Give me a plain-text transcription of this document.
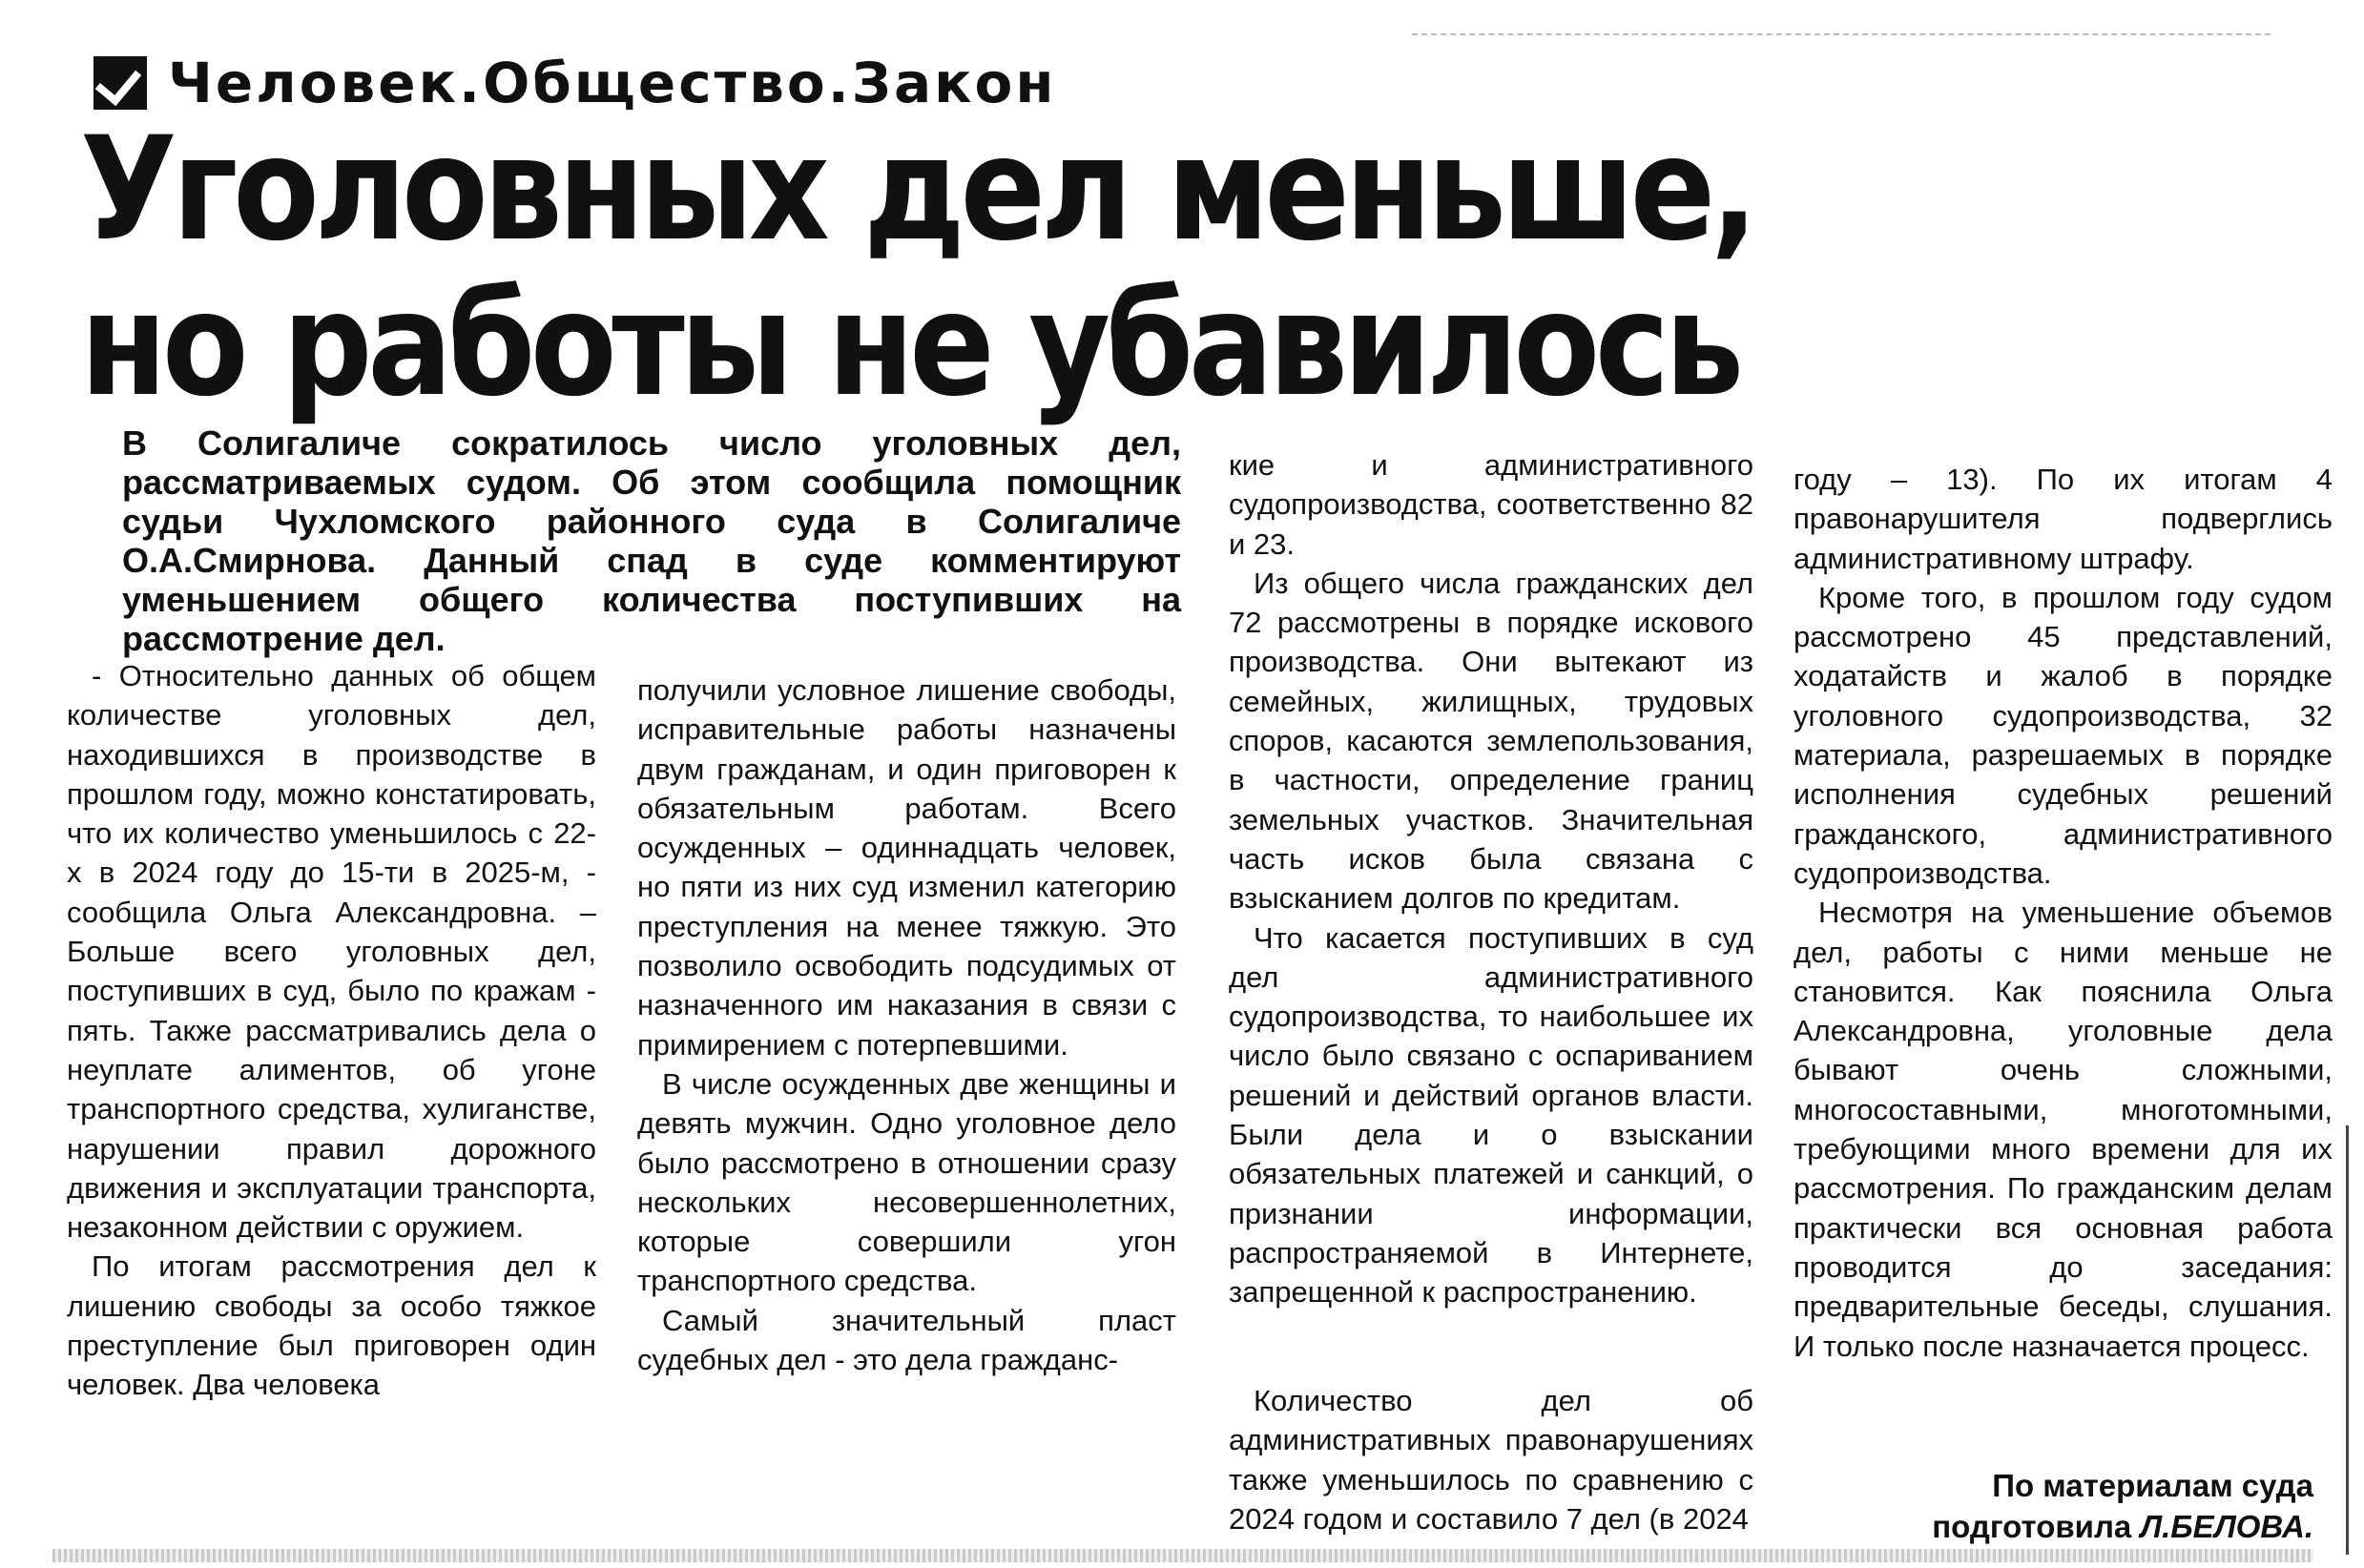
Человек.Общество.Закон
Уголовных дел меньше,
но работы не убавилось

В Солигаличе сократилось число уголовных дел, рассматриваемых судом. Об этом сообщила помощник судьи Чухломского районного суда в Солигаличе О.А.Смирнова. Данный спад в суде комментируют уменьшением общего количества поступивших на рассмотрение дел.

- Относительно данных об общем количестве уголовных дел, находившихся в производстве в прошлом году, можно констатировать, что их количество уменьшилось с 22-х в 2024 году до 15-ти в 2025-м, - сообщила Ольга Александровна. – Больше всего уголовных дел, поступивших в суд, было по кражам - пять. Также рассматривались дела о неуплате алиментов, об угоне транспортного средства, хулиганстве, нарушении правил дорожного движения и эксплуатации транспорта, незаконном действии с оружием.

По итогам рассмотрения дел к лишению свободы за особо тяжкое преступление был приговорен один человек. Два человека

получили условное лишение свободы, исправительные работы назначены двум гражданам, и один приговорен к обязательным работам. Всего осужденных – одиннадцать человек, но пяти из них суд изменил категорию преступления на менее тяжкую. Это позволило освободить подсудимых от назначенного им наказания в связи с примирением с потерпевшими.

В числе осужденных две женщины и девять мужчин. Одно уголовное дело было рассмотрено в отношении сразу нескольких несовершеннолетних, которые совершили угон транспортного средства.

Самый значительный пласт судебных дел - это дела гражданс-

кие и административного судопроизводства, соответственно 82 и 23.

Из общего числа гражданских дел 72 рассмотрены в порядке искового производства. Они вытекают из семейных, жилищных, трудовых споров, касаются землепользования, в частности, определение границ земельных участков. Значительная часть исков была связана с взысканием долгов по кредитам.

Что касается поступивших в суд дел административного судопроизводства, то наибольшее их число было связано с оспариванием решений и действий органов власти. Были дела и о взыскании обязательных платежей и санкций, о признании информации, распространяемой в Интернете, запрещенной к распространению.

Количество дел об административных правонарушениях также уменьшилось по сравнению с 2024 годом и составило 7 дел (в 2024

году – 13). По их итогам 4 правонарушителя подверглись административному штрафу.

Кроме того, в прошлом году судом рассмотрено 45 представлений, ходатайств и жалоб в порядке уголовного судопроизводства, 32 материала, разрешаемых в порядке исполнения судебных решений гражданского, административного судопроизводства.

Несмотря на уменьшение объемов дел, работы с ними меньше не становится. Как пояснила Ольга Александровна, уголовные дела бывают очень сложными, многосоставными, многотомными, требующими много времени для их рассмотрения. По гражданским делам практически вся основная работа проводится до заседания: предварительные беседы, слушания. И только после назначается процесс.

По материалам суда
подготовила Л.БЕЛОВА.
